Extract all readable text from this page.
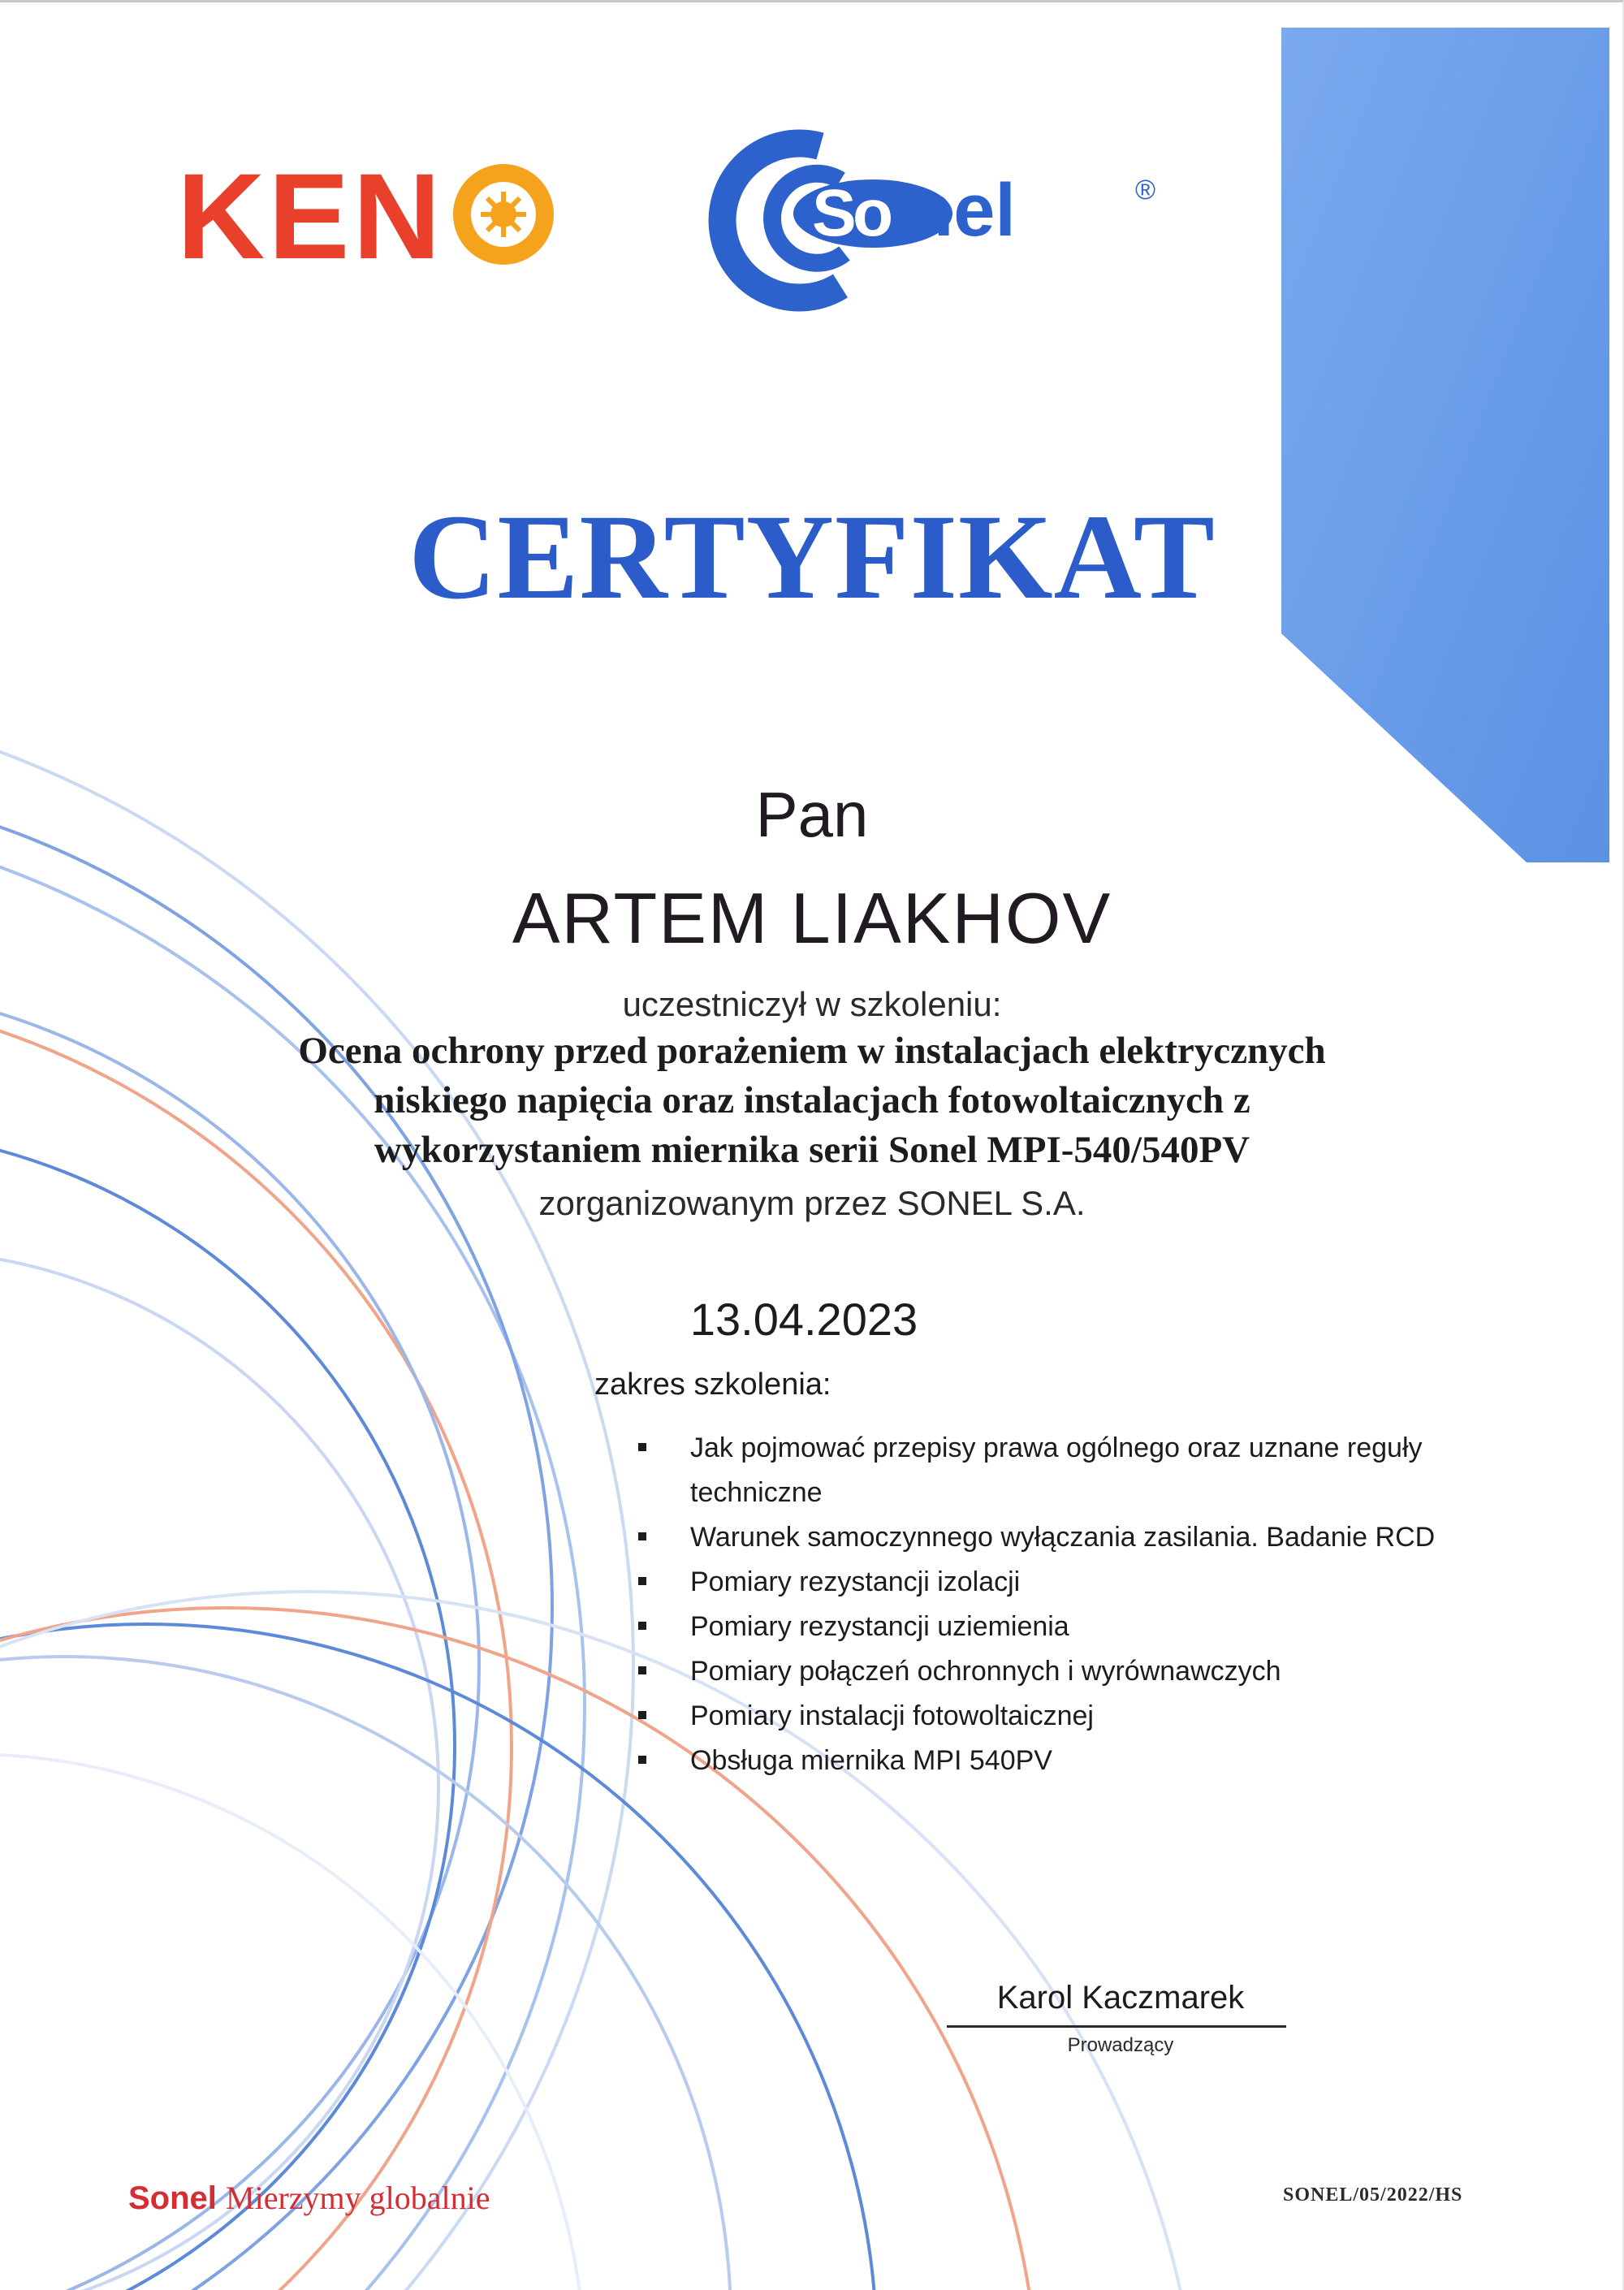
KEN	S
o nel	®
CERTYFIKAT
Pan
ARTEM LIAKHOV
uczestniczył w szkoleniu:
Ocena ochrony przed porażeniem w instalacjach elektrycznych
niskiego napięcia oraz instalacjach fotowoltaicznych z
wykorzystaniem miernika serii Sonel MPI-540/540PV
zorganizowanym przez SONEL S.A.
13.04.2023
zakres szkolenia:
Jak pojmować przepisy prawa ogólnego oraz uznane reguły techniczne
Warunek samoczynnego wyłączania zasilania. Badanie RCD
Pomiary rezystancji izolacji
Pomiary rezystancji uziemienia
Pomiary połączeń ochronnych i wyrównawczych
Pomiary instalacji fotowoltaicznej
Obsługa miernika MPI 540PV
Karol Kaczmarek
Prowadzący
Sonel Mierzymy globalnie	SONEL/05/2022/HS
